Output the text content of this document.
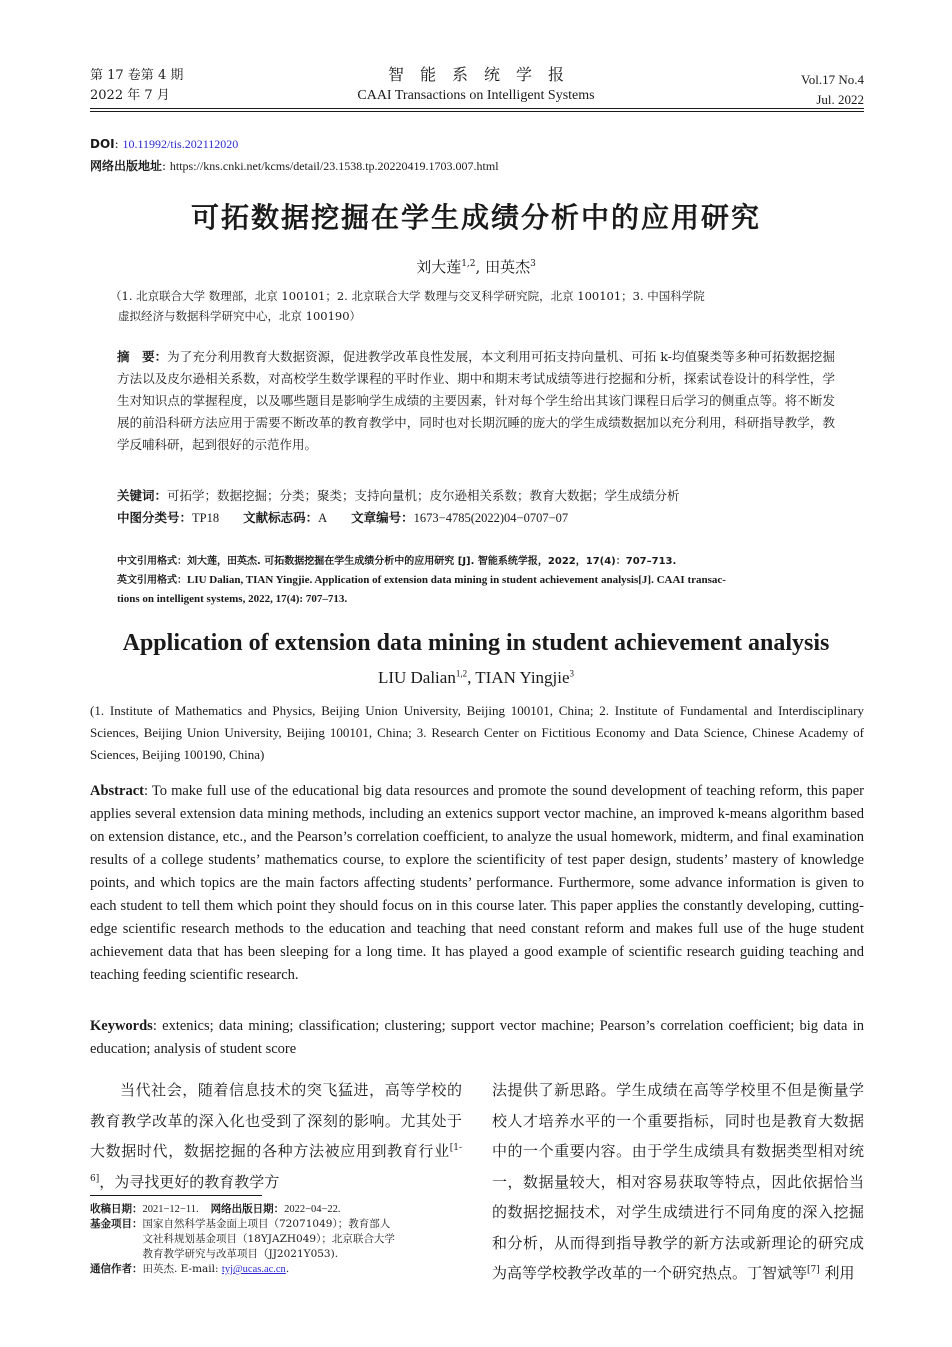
第 17 卷第 4 期
2022 年 7 月
智　能　系　统　学　报
CAAI Transactions on Intelligent Systems
Vol.17 No.4
Jul. 2022
DOI: 10.11992/tis.202112020
网络出版地址: https://kns.cnki.net/kcms/detail/23.1538.tp.20220419.1703.007.html
可拓数据挖掘在学生成绩分析中的应用研究
刘大莲$^{1,2}$, 田英杰$^3$
（1. 北京联合大学 数理部，北京 100101；2. 北京联合大学 数理与交叉科学研究院，北京 100101；3. 中国科学院
虚拟经济与数据科学研究中心，北京 100190）
摘　要：为了充分利用教育大数据资源，促进教学改革良性发展，本文利用可拓支持向量机、可拓 k-均值聚类等多种可拓数据挖掘方法以及皮尔逊相关系数，对高校学生数学课程的平时作业、期中和期末考试成绩等进行挖掘和分析，探索试卷设计的科学性，学生对知识点的掌握程度，以及哪些题目是影响学生成绩的主要因素，针对每个学生给出其该门课程日后学习的侧重点等。将不断发展的前沿科研方法应用于需要不断改革的教育教学中，同时也对长期沉睡的庞大的学生成绩数据加以充分利用，科研指导教学，教学反哺科研，起到很好的示范作用。
关键词：可拓学；数据挖掘；分类；聚类；支持向量机；皮尔逊相关系数；教育大数据；学生成绩分析
中图分类号：TP18 文献标志码：A 文章编号：1673−4785(2022)04−0707−07
中文引用格式：刘大莲，田英杰. 可拓数据挖掘在学生成绩分析中的应用研究 [J]. 智能系统学报，2022，17(4)：707–713.
英文引用格式：LIU Dalian, TIAN Yingjie. Application of extension data mining in student achievement analysis[J]. CAAI transac-
tions on intelligent systems, 2022, 17(4): 707–713.
Application of extension data mining in student achievement analysis
LIU Dalian$^{1,2}$, TIAN Yingjie$^3$
(1. Institute of Mathematics and Physics, Beijing Union University, Beijing 100101, China; 2. Institute of Fundamental and Interdisciplinary Sciences, Beijing Union University, Beijing 100101, China; 3. Research Center on Fictitious Economy and Data Science, Chinese Academy of Sciences, Beijing 100190, China)
Abstract: To make full use of the educational big data resources and promote the sound development of teaching reform, this paper applies several extension data mining methods, including an extenics support vector machine, an improved k-means algorithm based on extension distance, etc., and the Pearson’s correlation coefficient, to analyze the usual homework, midterm, and final examination results of a college students’ mathematics course, to explore the scientificity of test paper design, students’ mastery of knowledge points, and which topics are the main factors affecting students’ performance. Furthermore, some advance information is given to each student to tell them which point they should focus on in this course later. This paper applies the constantly developing, cutting-edge scientific research methods to the education and teaching that need constant reform and makes full use of the huge student achievement data that has been sleeping for a long time. It has played a good example of scientific research guiding teaching and teaching feeding scientific research.
Keywords: extenics; data mining; classification; clustering; support vector machine; Pearson’s correlation coefficient; big data in education; analysis of student score
当代社会，随着信息技术的突飞猛进，高等学校的教育教学改革的深入化也受到了深刻的影响。尤其处于大数据时代，数据挖掘的各种方法被应用到教育行业[1-6]，为寻找更好的教育教学方
法提供了新思路。学生成绩在高等学校里不但是衡量学校人才培养水平的一个重要指标，同时也是教育大数据中的一个重要内容。由于学生成绩具有数据类型相对统一，数据量较大，相对容易获取等特点，因此依据恰当的数据挖掘技术，对学生成绩进行不同角度的深入挖掘和分析，从而得到指导教学的新方法或新理论的研究成为高等学校教学改革的一个研究热点。丁智斌等[7] 利用
收稿日期：2021−12−11. 网络出版日期：2022−04−22.
基金项目： 国家自然科学基金面上项目（72071049）；教育部人
文社科规划基金项目（18YJAZH049）；北京联合大学
教育教学研究与改革项目（JJ2021Y053).
通信作者：田英杰. E-mail: tyj@ucas.ac.cn.
